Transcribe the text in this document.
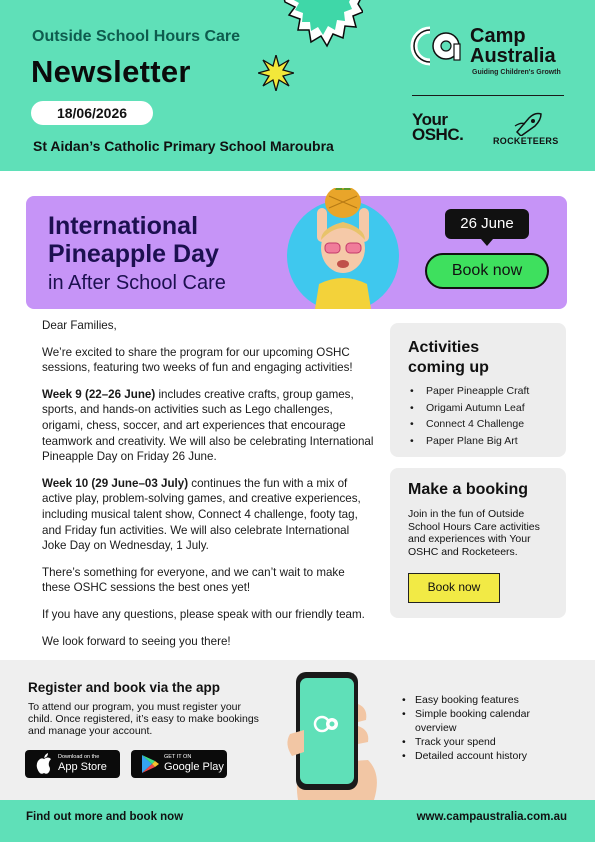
Outside School Hours Care
Newsletter
18/06/2026
St Aidan’s Catholic Primary School Maroubra
Camp
Australia
Guiding Children's Growth
Your
OSHC.	ROCKETEERS
International
Pineapple Day
in After School Care
26 June
Book now

Dear Families,

We’re excited to share the program for our upcoming OSHC sessions, featuring two weeks of fun and engaging activities!

Week 9 (22–26 June) includes creative crafts, group games, sports, and hands-on activities such as Lego challenges, origami, chess, soccer, and art experiences that encourage teamwork and creativity. We will also be celebrating International Pineapple Day on Friday 26 June.

Week 10 (29 June–03 July) continues the fun with a mix of active play, problem-solving games, and creative experiences, including musical talent show, Connect 4 challenge, footy tag, and Friday fun activities. We will also celebrate International Joke Day on Wednesday, 1 July.

There’s something for everyone, and we can’t wait to make these OSHC sessions the best ones yet!

If you have any questions, please speak with our friendly team.

We look forward to seeing you there!

Activities
coming up
• Paper Pineapple Craft
• Origami Autumn Leaf
• Connect 4 Challenge
• Paper Plane Big Art
Make a booking
Join in the fun of Outside School Hours Care activities and experiences with Your OSHC and Rocketeers.
Book now
Register and book via the app
To attend our program, you must register your child. Once registered, it’s easy to make bookings and manage your account.
Download on the
App Store
GET IT ON
Google Play
• Easy booking features
• Simple booking calendar overview
• Track your spend
• Detailed account history
Find out more and book now	www.campaustralia.com.au
